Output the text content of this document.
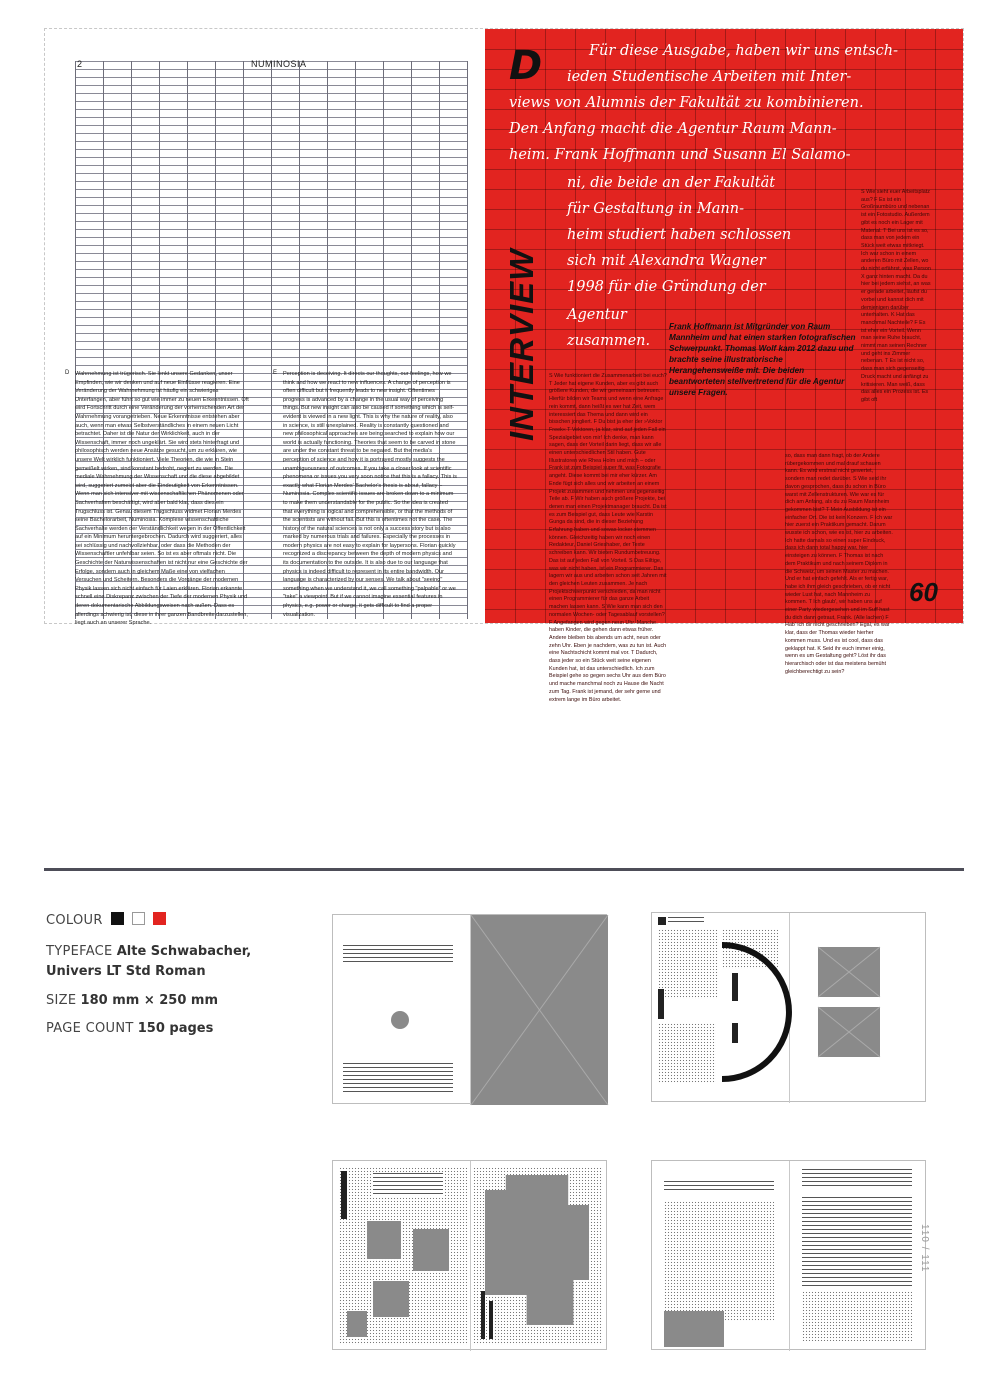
2	NUMINOSIA
D Wahrnehmung ist trügerisch. Sie lenkt unsere Gedanken, unser Empfinden, wie wir denken und auf neue Einflüsse reagieren. Eine Veränderung der Wahrnehmung ist häufig ein schwieriges Unterfangen, aber führt so gut wie immer zu neuen Erkenntnissen. Oft wird Fortschritt durch eine Veränderung der vorherrschenden Art der Wahrnehmung vorangetrieben. Neue Erkenntnisse entstehen aber auch, wenn man etwas Selbstverständliches in einem neuen Licht betrachtet. Daher ist die Natur der Wirklichkeit, auch in der Wissenschaft, immer noch ungeklärt. Sie wird stets hinterfragt und philosophisch werden neue Ansätze gesucht, um zu erklären, wie unsere Welt wirklich funktioniert. Viele Theorien, die wie in Stein gemeißelt wirken, sind konstant bedroht, negiert zu werden. Die mediale Wahrnehmung der Wissenschaft und die diese abgebildet wird, suggeriert zumeist aber die Eindeutigkeit von Erkenntnissen. Wenn man sich intensiver mit wissenschaftlichen Phänomenen oder Sachverhalten beschäftigt, wird aber bald klar, dass dies ein Trugschluss ist. Genau diesem Trugschluss widmet Florian Merdes seine Bachelorarbeit, Numinosia. Komplexe wissenschaftliche Sachverhalte werden der Verständlichkeit wegen in der Öffentlichkeit auf ein Minimum heruntergebrochen. Dadurch wird suggeriert, alles sei schlüssig und nachvollziehbar, oder dass die Methoden der Wissenschaftler unfehlbar seien. So ist es aber oftmals nicht. Die Geschichte der Naturwissenschaften ist nicht nur eine Geschichte der Erfolge, sondern auch in gleichem Maße eine von vielfachen Versuchen und Scheitern. Besonders die Vorgänge der modernen Physik lassen sich nicht einfach für Laien erklären. Florian erkannte schnell eine Diskrepanz zwischen der Tiefe der modernen Physik und deren dokumentarische Abbildungsweisen nach außen. Dass es allerdings schwierig ist, diese in ihrer ganzen Bandbreite darzustellen, liegt auch an unserer Sprache.
E Perception is deceiving. It directs our thoughts, our feelings, how we think and how we react to new influences. A change of perception is often difficult but it frequently leads to new insight. Oftentimes progress is advanced by a change in the usual way of perceiving things. But new insight can also be caused if something which is self-evident is viewed in a new light. This is why the nature of reality, also in science, is still unexplained. Reality is constantly questioned and new philosophical approaches are being searched to explain how our world is actually functioning. Theories that seem to be carved in stone are under the constant threat to be negated. But the media's perception of science and how it is portrayed mostly suggests the unambiguousness of outcomes. If you take a closer look at scientific phenomena or issues you very soon notice that this is a fallacy. This is exactly what Florian Merdes' Bachelor's thesis is about, fallacy – Numinosia. Complex scientific issues are broken down to a minimum to make them understandable for the public. So the idea is created that everything is logical and comprehensible, or that the methods of the scientists are without fail. But this is oftentimes not the case. The history of the natural sciences is not only a success story but is also marked by numerous trials and failures. Especially the processes in modern physics are not easy to explain for laypersons. Florian quickly recognized a discrepancy between the depth of modern physics and its documentation to the outside. It is also due to our language that physics is indeed difficult to represent in its entire bandwidth. Our language is characterized by our senses. We talk about "seeing" something when we understand it, we call something "palpable" or we "take" a viewpoint. But if we cannot imagine essential features in physics, e.g. power or charge, it gets difficult to find a proper visualization.
D	Für diese Ausgabe, haben wir uns entsch-
ieden Studentische Arbeiten mit Inter-
views von Alumnis der Fakultät zu kombinieren.
Den Anfang macht die Agentur Raum Mann-
heim. Frank Hoffmann und Susann El Salamo-
ni, die beide an der Fakultät
für Gestaltung in Mann-
heim studiert haben schlossen
sich mit Alexandra Wagner
1998 für die Gründung der
Agentur
zusammen.
INTERVIEW	Frank Hoffmann ist Mitgründer von Raum Mannheim und hat einen starken fotografischen Schwerpunkt. Thomas Wolf kam 2012 dazu und brachte seine illustratorische Herangehensweiße mit. Die beiden beantworteten stellvertretend für die Agentur unsere Fragen.
S Wie funktioniert die Zusammenarbeit bei euch? T Jeder hat eigene Kunden, aber es gibt auch größere Kunden, die wir gemeinsam betreuen. Hierfür bilden wir Teams und wenn eine Anfrage rein kommt, dann heißt es wer hat Zeit, wem interessiert das Thema und dann wird ein bisschen jongliert. F Du bist ja eher der »Voktor Freek« T Vektoren, ja klar, sind auf jeden Fall ein Spezialgebiet von mir! Ich denke, man kann sagen, dass der Vorteil darin liegt, dass wir alle einen unterschiedlichen Stil haben. Gute Illustratoren wie Rhea Holm und mich – oder Frank ist zum Beispiel super fit, was Fotografie angeht. Diese kommt bei mir eher kürzer. Am Ende fügt sich alles und wir arbeiten an einem Projekt zusammen und nehmen uns gegenseitig Teile ab. F Wir haben auch größere Projekte, bei denen man einen Projektmanager braucht. Da ist es zum Beispiel gut, dass Leute wie Karstin Gunga da sind, die in dieser Beziehung Erfahrung haben und sowas locker stemmen können. Gleichzeitig haben wir noch einen Redakteur, Daniel Grieshaber, der Texte schreiben kann. Wir bieten Rundumbetreuung. Das ist auf jeden Fall von Vorteil. S Das Eiltige, was wir nicht haben, ist ein Programmierer. Das lagern wir aus und arbeiten schon seit Jahren mit den gleichen Leuten zusammen. Je nach Projektschwerpunkt verschieden, da man nicht einen Programmierer für das ganze Arbeit machen lassen kann. S Wie kann man sich den normalen Wochen- oder Tagesablauf vorstellen? F Angefangen wird gegen neun Uhr. Manche haben Kinder, die gehen dann etwas früher. Andere bleiben bis abends um acht, neun oder zehn Uhr. Eben je nachdem, was zu tun ist. Auch eine Nachtschicht kommt mal vor. T Dadurch, dass jeder so ein Stück weit seine eigenen Kunden hat, ist das unterschiedlich. Ich zum Beispiel gehe so gegen sechs Uhr aus dem Büro und mache manchmal noch zu Hause die Nacht zum Tag. Frank ist jemand, der sehr gerne und extrem lange im Büro arbeitet.
so, dass man dann fragt, ob der Andere rübergekommen und mal drauf schauen kann. Es wird erstmal nicht gewertet, sondern man redet darüber. S Wie seid ihr davon gesprochen, dass du schon in Büro warst mit Zellenstrukturen. Wie war es für dich am Anfang, als du zu Raum Mannheim gekommen bist? T Mein Ausbildung ist ein einfacher Ort. Die ist kein Konzern. F Ich war hier zuerst ein Praktikum gemacht. Darum wusste ich schon, wie es ist, hier zu arbeiten. Ich hatte damals so einen super Eindruck, dass ich dann total happy war, hier einsteigen zu können. F Thomas ist nach dem Praktikum und nach seinem Diplom in die Schweiz, um seinen Master zu machen. Und er hat einfach gefehlt. Als er fertig war, habe ich ihm gleich geschrieben, ob er nicht wieder Lust hat, nach Mannheim zu kommen. T Ich glaub', wir haben uns auf einer Party wiedergesehen und im Suff hast du dich dann getraut, Frank. (Alle lachen) F Hab' ich dir nicht geschrieben? Egal, es war klar, dass der Thomas wieder hierher kommen muss. Und es ist cool, dass das geklappt hat. K Seid ihr euch immer einig, wenn es um Gestaltung geht? Löst ihr das hierarchisch oder ist das meistens bemüht gleichberechtigt zu sein?
S Wie sieht euer Arbeitsplatz aus? F Es ist ein Großraumbüro und nebenan ist ein Fotostudio. Außerdem gibt es noch ein Lager mit Material. T Bei uns ist es so, dass man von jedem ein Stück weit etwas mitkriegt. Ich war schon in einem anderen Büro mit Zellen, wo du nicht erfährst, was Person X ganz hinten macht. Da du hier bei jedem siehst, an was er gerade arbeitet, läufst du vorbei und kannst dich mit demjenigen darüber unterhalten. K Hat das manchmal Nachteile? F Es ist eher ein Vorteil. Wenn man seine Ruhe braucht, nimmt man seinen Rechner und geht ins Zimmer nebenan. T Es ist nicht so, dass man sich gegenseitig Druck macht und anfängt zu kritisieren. Man weiß, dass das alles ein Prozess ist. Es gibt oft
60
COLOUR
TYPEFACE Alte Schwabacher,
Univers LT Std Roman
SIZE 180 mm × 250 mm
PAGE COUNT 150 pages
110 / 111
